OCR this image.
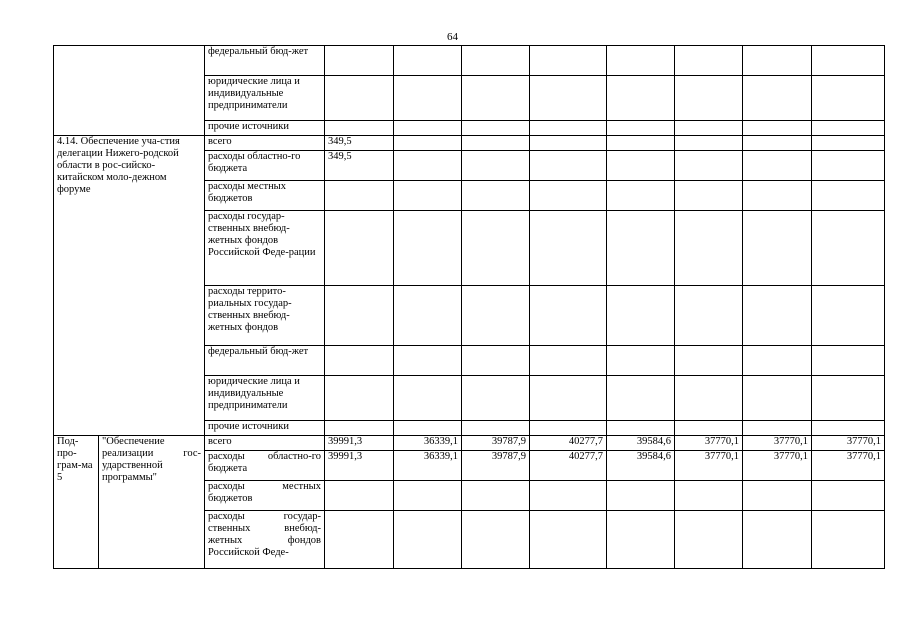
64
		федеральный бюд-жет								
		юридические лица и индивидуальные предприниматели								
		прочие источники								
4.14. Обеспечение уча-стия делегации Нижего-родской области в рос-сийско-китайском моло-дежном форуме		всего	349,5							
		расходы областно-го бюджета	349,5							
		расходы местных бюджетов								
		расходы государ-ственных внебюд-жетных фондов Российской Феде-рации								
		расходы террито-риальных государ-ственных внебюд-жетных фондов								
		федеральный бюд-жет								
		юридические лица и индивидуальные предприниматели								
		прочие источники								
Под-про-грам-ма 5	"Обеспечение реализации гос-ударственной программы"	всего	39991,3	36339,1	39787,9	40277,7	39584,6	37770,1	37770,1	37770,1
		расходы областно-го бюджета	39991,3	36339,1	39787,9	40277,7	39584,6	37770,1	37770,1	37770,1
		расходы местных бюджетов								
		расходы государ-ственных внебюд-жетных фондов Российской Феде-								
